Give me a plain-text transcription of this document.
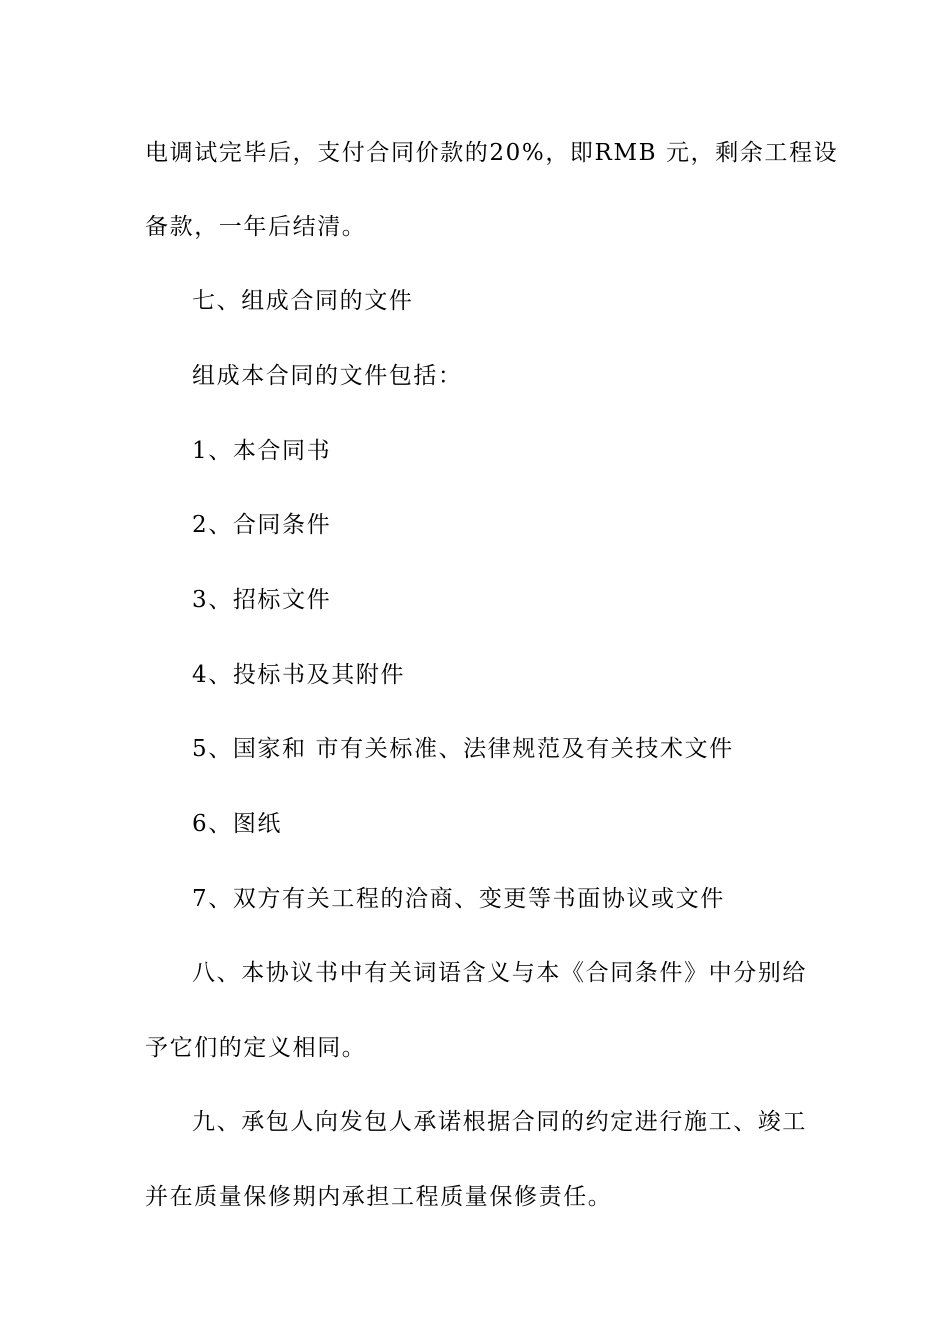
电调试完毕后，支付合同价款的20%，即RMB 元，剩余工程设
备款，一年后结清。
七、组成合同的文件
组成本合同的文件包括：
1、本合同书
2、合同条件
3、招标文件
4、投标书及其附件
5、国家和 市有关标准、法律规范及有关技术文件
6、图纸
7、双方有关工程的洽商、变更等书面协议或文件
八、本协议书中有关词语含义与本《合同条件》中分别给
予它们的定义相同。
九、承包人向发包人承诺根据合同的约定进行施工、竣工
并在质量保修期内承担工程质量保修责任。
